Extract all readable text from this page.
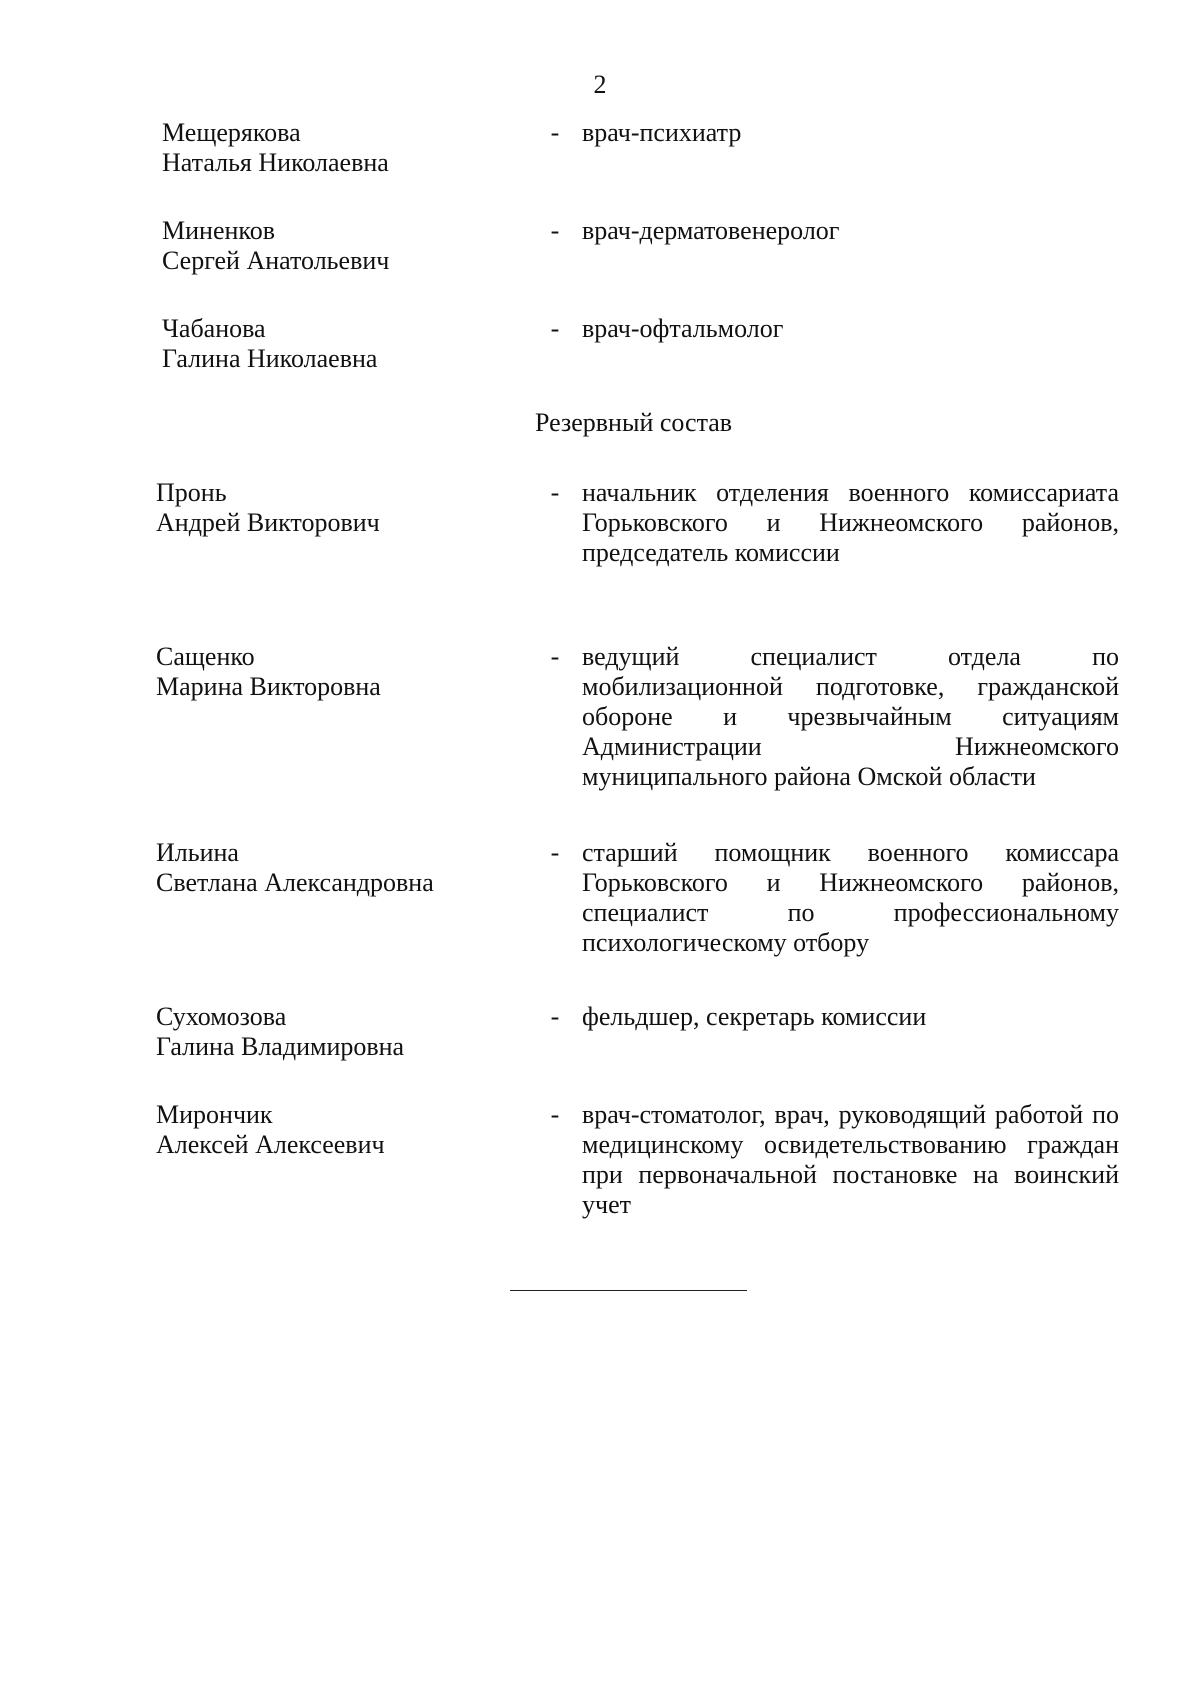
2
Мещерякова
Наталья Николаевна
- врач-психиатр
Миненков
Сергей Анатольевич
- врач-дерматовенеролог
Чабанова
Галина Николаевна
- врач-офтальмолог
Резервный состав
Пронь
Андрей Викторович
- начальник отделения военного комиссариата Горьковского и Нижнеомского районов, председатель комиссии
Сащенко
Марина Викторовна
- ведущий специалист отдела по мобилизационной подготовке, гражданской обороне и чрезвычайным ситуациям Администрации Нижнеомского муниципального района Омской области
Ильина
Светлана Александровна
- старший помощник военного комиссара Горьковского и Нижнеомского районов, специалист по профессиональному психологическому отбору
Сухомозова
Галина Владимировна
- фельдшер, секретарь комиссии
Мирончик
Алексей Алексеевич
- врач-стоматолог, врач, руководящий работой по медицинскому освидетельствованию граждан при первоначальной постановке на воинский учет
